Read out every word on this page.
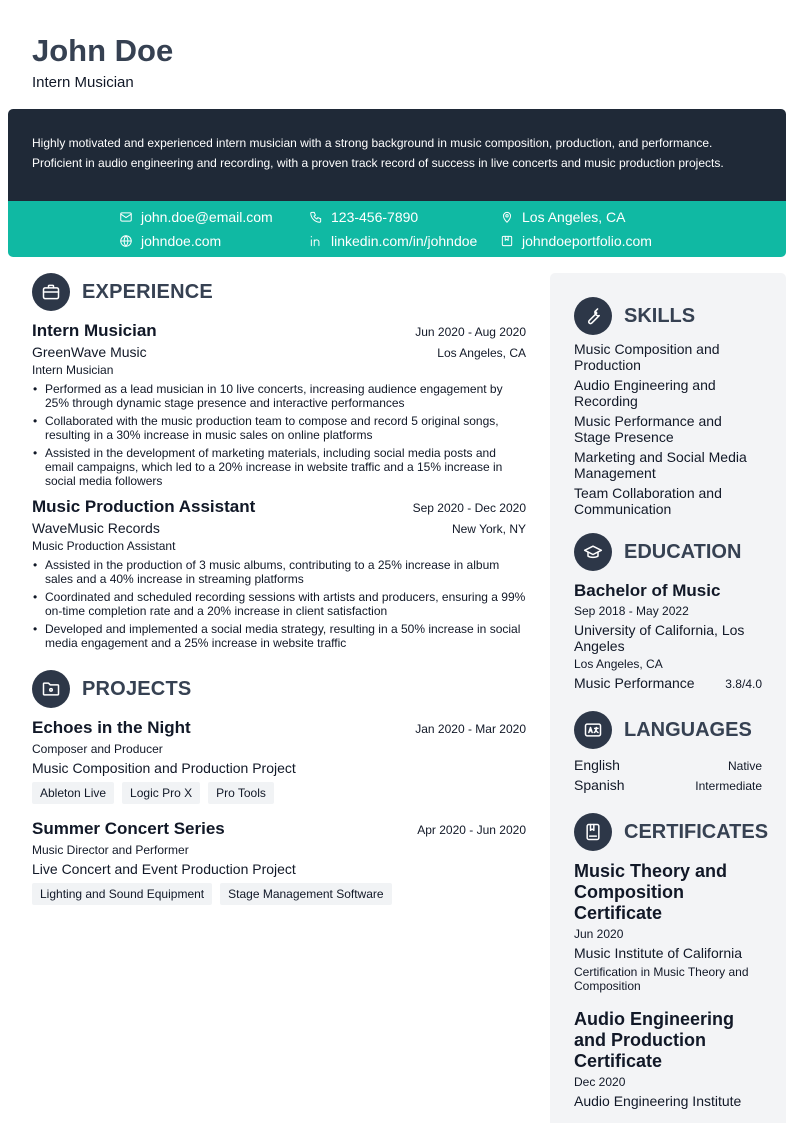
John Doe
Intern Musician
Highly motivated and experienced intern musician with a strong background in music composition, production, and performance. Proficient in audio engineering and recording, with a proven track record of success in live concerts and music production projects.
john.doe@email.com	123-456-7890	Los Angeles, CA
johndoe.com	linkedin.com/in/johndoe	johndoeportfolio.com
EXPERIENCE
Intern Musician	Jun 2020 - Aug 2020
GreenWave Music	Los Angeles, CA
Intern Musician
• Performed as a lead musician in 10 live concerts, increasing audience engagement by 25% through dynamic stage presence and interactive performances
• Collaborated with the music production team to compose and record 5 original songs, resulting in a 30% increase in music sales on online platforms
• Assisted in the development of marketing materials, including social media posts and email campaigns, which led to a 20% increase in website traffic and a 15% increase in social media followers
Music Production Assistant	Sep 2020 - Dec 2020
WaveMusic Records	New York, NY
Music Production Assistant
• Assisted in the production of 3 music albums, contributing to a 25% increase in album sales and a 40% increase in streaming platforms
• Coordinated and scheduled recording sessions with artists and producers, ensuring a 99% on-time completion rate and a 20% increase in client satisfaction
• Developed and implemented a social media strategy, resulting in a 50% increase in social media engagement and a 25% increase in website traffic
PROJECTS
Echoes in the Night	Jan 2020 - Mar 2020
Composer and Producer
Music Composition and Production Project
Ableton Live	Logic Pro X	Pro Tools
Summer Concert Series	Apr 2020 - Jun 2020
Music Director and Performer
Live Concert and Event Production Project
Lighting and Sound Equipment	Stage Management Software
SKILLS
Music Composition and Production
Audio Engineering and Recording
Music Performance and Stage Presence
Marketing and Social Media Management
Team Collaboration and Communication
EDUCATION
Bachelor of Music
Sep 2018 - May 2022
University of California, Los Angeles
Los Angeles, CA
Music Performance	3.8/4.0
LANGUAGES
English	Native
Spanish	Intermediate
CERTIFICATES
Music Theory and Composition Certificate
Jun 2020
Music Institute of California
Certification in Music Theory and Composition
Audio Engineering and Production Certificate
Dec 2020
Audio Engineering Institute
